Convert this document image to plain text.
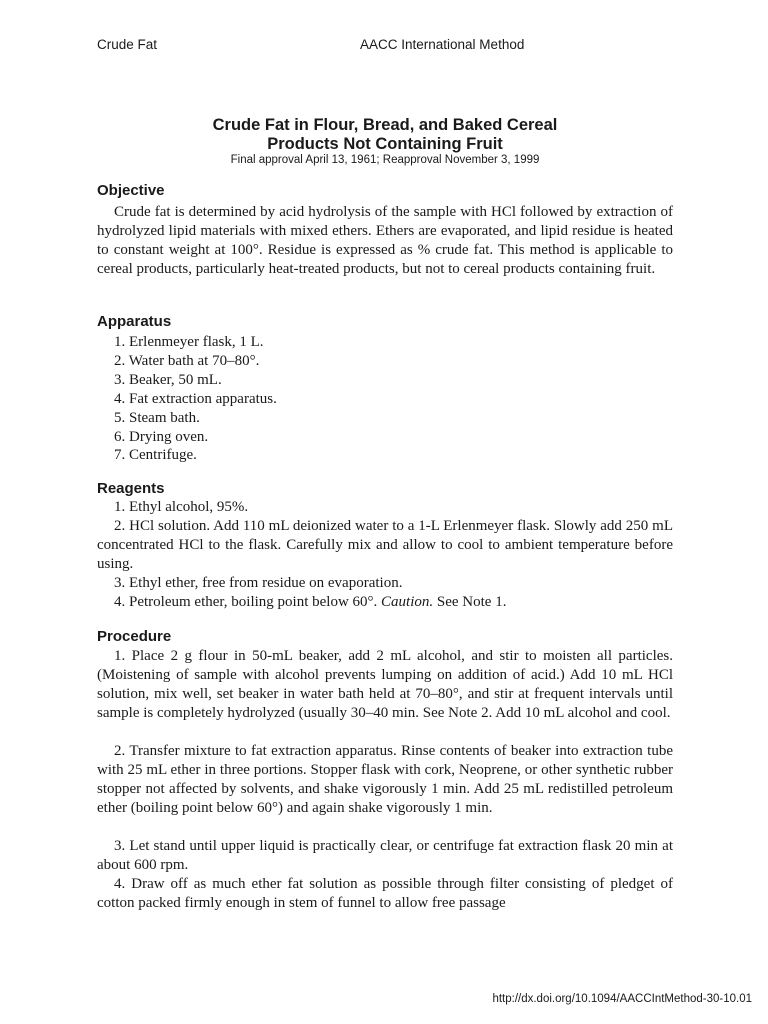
Crude Fat	AACC International Method
Crude Fat in Flour, Bread, and Baked Cereal
Products Not Containing Fruit
Final approval April 13, 1961; Reapproval November 3, 1999
Objective

Crude fat is determined by acid hydrolysis of the sample with HCl followed by extraction of hydrolyzed lipid materials with mixed ethers. Ethers are evaporated, and lipid residue is heated to constant weight at 100°. Residue is expressed as % crude fat. This method is applicable to cereal products, particularly heat-treated products, but not to cereal products containing fruit.

Apparatus
1. Erlenmeyer flask, 1 L.
2. Water bath at 70–80°.
3. Beaker, 50 mL.
4. Fat extraction apparatus.
5. Steam bath.
6. Drying oven.
7. Centrifuge.
Reagents

1. Ethyl alcohol, 95%.

2. HCl solution. Add 110 mL deionized water to a 1-L Erlenmeyer flask. Slowly add 250 mL concentrated HCl to the flask. Carefully mix and allow to cool to ambient temperature before using.

3. Ethyl ether, free from residue on evaporation.

4. Petroleum ether, boiling point below 60°. Caution. See Note 1.

Procedure

1. Place 2 g flour in 50-mL beaker, add 2 mL alcohol, and stir to moisten all particles. (Moistening of sample with alcohol prevents lumping on addition of acid.) Add 10 mL HCl solution, mix well, set beaker in water bath held at 70–80°, and stir at frequent intervals until sample is completely hydrolyzed (usually 30–40 min. See Note 2. Add 10 mL alcohol and cool.

2. Transfer mixture to fat extraction apparatus. Rinse contents of beaker into extraction tube with 25 mL ether in three portions. Stopper flask with cork, Neoprene, or other synthetic rubber stopper not affected by solvents, and shake vigorously 1 min. Add 25 mL redistilled petroleum ether (boiling point below 60°) and again shake vigorously 1 min.

3. Let stand until upper liquid is practically clear, or centrifuge fat extraction flask 20 min at about 600 rpm.

4. Draw off as much ether fat solution as possible through filter consisting of pledget of cotton packed firmly enough in stem of funnel to allow free passage

http://dx.doi.org/10.1094/AACCIntMethod-30-10.01
